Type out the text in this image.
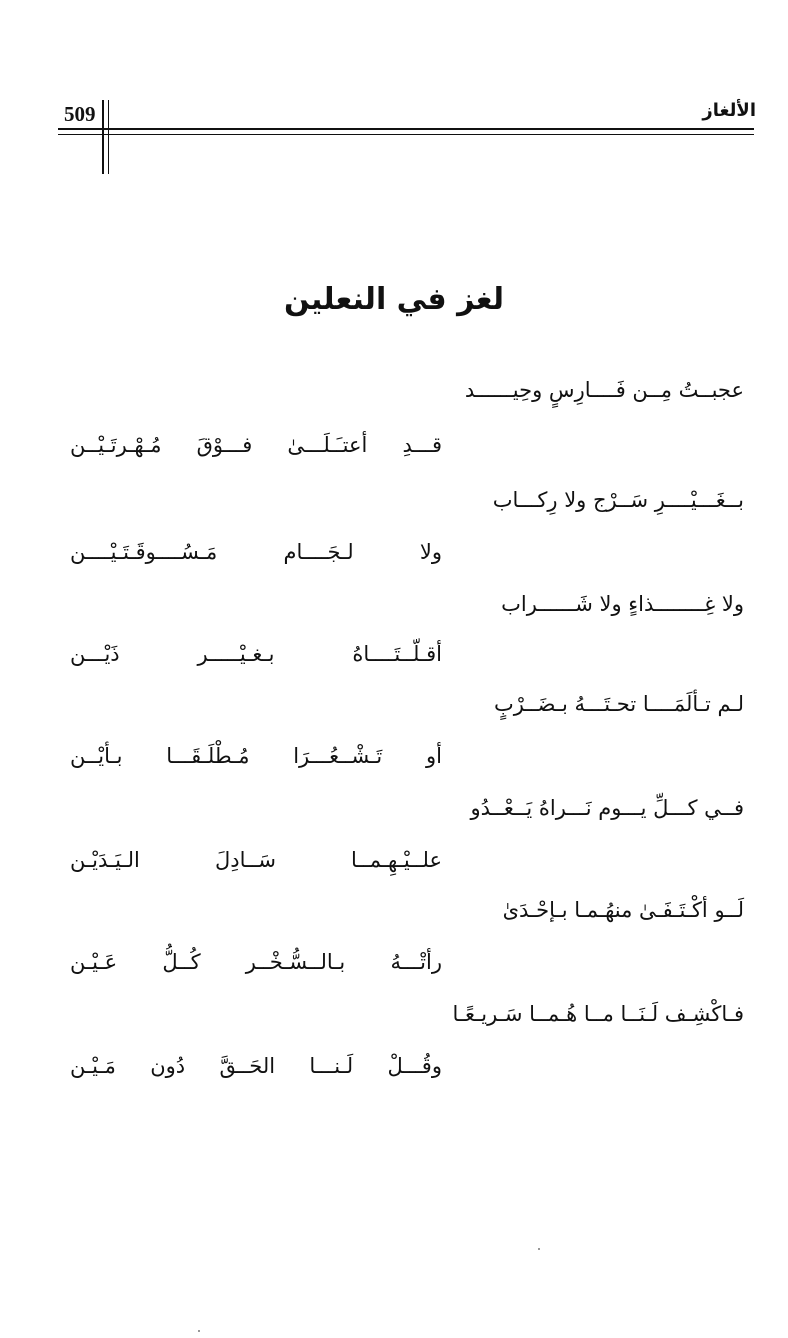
509	الألغاز
لغز في النعلين
عجبــتُ مِــن فَــــارِسٍ وحِيــــــد
قـــدِ أعتـَـلَـــىٰ فـــوْقَ مُـهْـرتَـيْــن
بــغَـــيْــــرِ سَــرْج ولا رِكـــاب
ولا لـجَــــام مَـسُــــوقَـتَـيْــــن
ولا غِــــــــذاءٍ ولا شَــــــراب
أقـلّــتَــــاهُ بـغـيْـــــر ذَيْـــن
لـم تـألَمَــــا تحـتَـــهُ بـضَــرْبٍ
أو تَـشْــعُـــرَا مُـطْلَـقَـــا بـأيْــن
فــي كـــلِّ يـــوم نَـــراهُ يَــعْــدُو
علــيْـهِـمــا سَــادِلَ الـيَـدَيْـن
لَــو أكْـتَـفَـىٰ منهُـمـا بـإحْـدَىٰ
رأتْـــهُ بـالــسُّـخْــر كُــلُّ عَـيْـن
فـاكْشِـف لَـنَــا مــا هُـمــا سَـريـعًـا
وقُـــلْ لَـنـــا الحَــقَّ دُون مَـيْـن
